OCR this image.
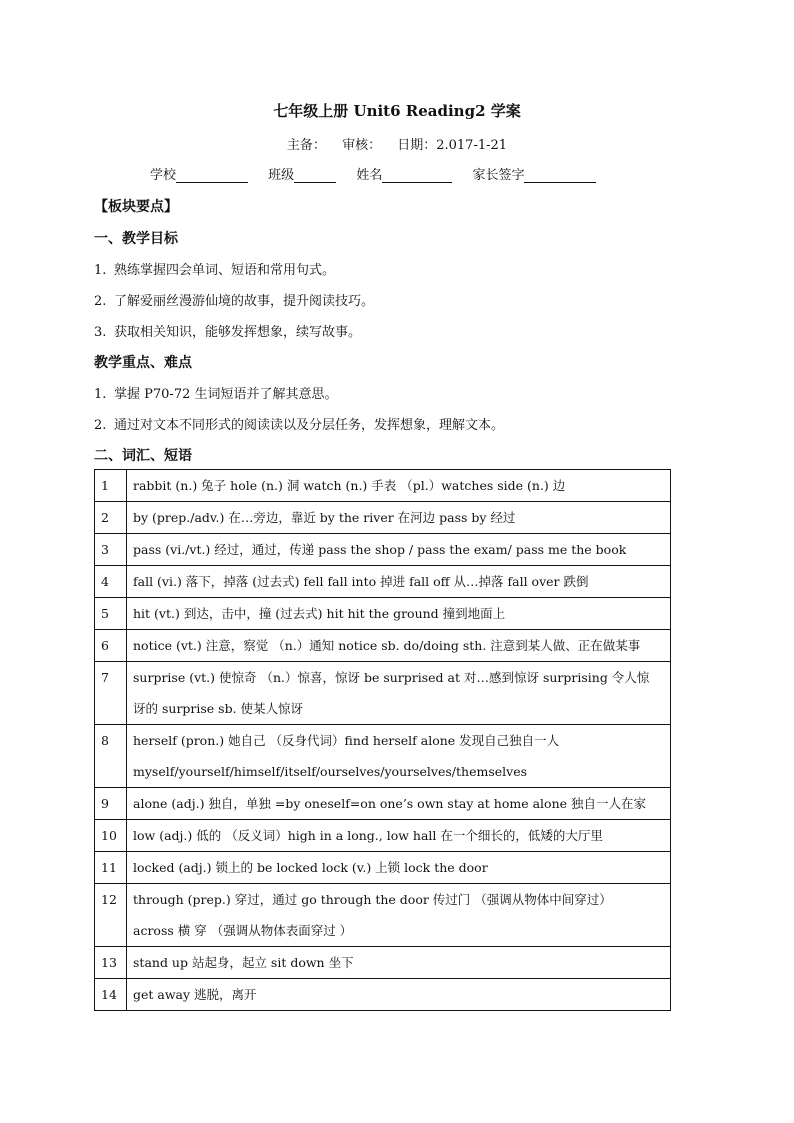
七年级上册 Unit6 Reading2 学案
主备： 审核： 日期：2.017-1-21
学校	班级	姓名	家长签字
【板块要点】
一、教学目标
1. 熟练掌握四会单词、短语和常用句式。
2. 了解爱丽丝漫游仙境的故事，提升阅读技巧。
3. 获取相关知识，能够发挥想象，续写故事。
教学重点、难点
1. 掌握 P70-72 生词短语并了解其意思。
2. 通过对文本不同形式的阅读读以及分层任务，发挥想象，理解文本。
二、词汇、短语
1	rabbit (n.) 兔子 hole (n.) 洞 watch (n.) 手表 （pl.）watches side (n.) 边

2	by (prep./adv.) 在…旁边，靠近 by the river 在河边 pass by 经过

3	pass (vi./vt.) 经过，通过，传递 pass the shop / pass the exam/ pass me the book

4	fall (vi.) 落下，掉落 (过去式) fell fall into 掉进 fall off 从…掉落 fall over 跌倒

5	hit (vt.) 到达，击中，撞 (过去式) hit hit the ground 撞到地面上

6	notice (vt.) 注意，察觉 （n.）通知 notice sb. do/doing sth. 注意到某人做、正在做某事

7	surprise (vt.) 使惊奇 （n.）惊喜，惊讶 be surprised at 对…感到惊讶 surprising 令人惊
讶的 surprise sb. 使某人惊讶

8	herself (pron.) 她自己 （反身代词）find herself alone 发现自己独自一人
myself/yourself/himself/itself/ourselves/yourselves/themselves

9	alone (adj.) 独自，单独 =by oneself=on one’s own stay at home alone 独自一人在家

10	low (adj.) 低的 （反义词）high in a long., low hall 在一个细长的，低矮的大厅里

11	locked (adj.) 锁上的 be locked lock (v.) 上锁 lock the door

12	through (prep.) 穿过，通过 go through the door 传过门 （强调从物体中间穿过）
across 横 穿 （强调从物体表面穿过 ）

13	stand up 站起身，起立 sit down 坐下

14	get away 逃脱，离开
